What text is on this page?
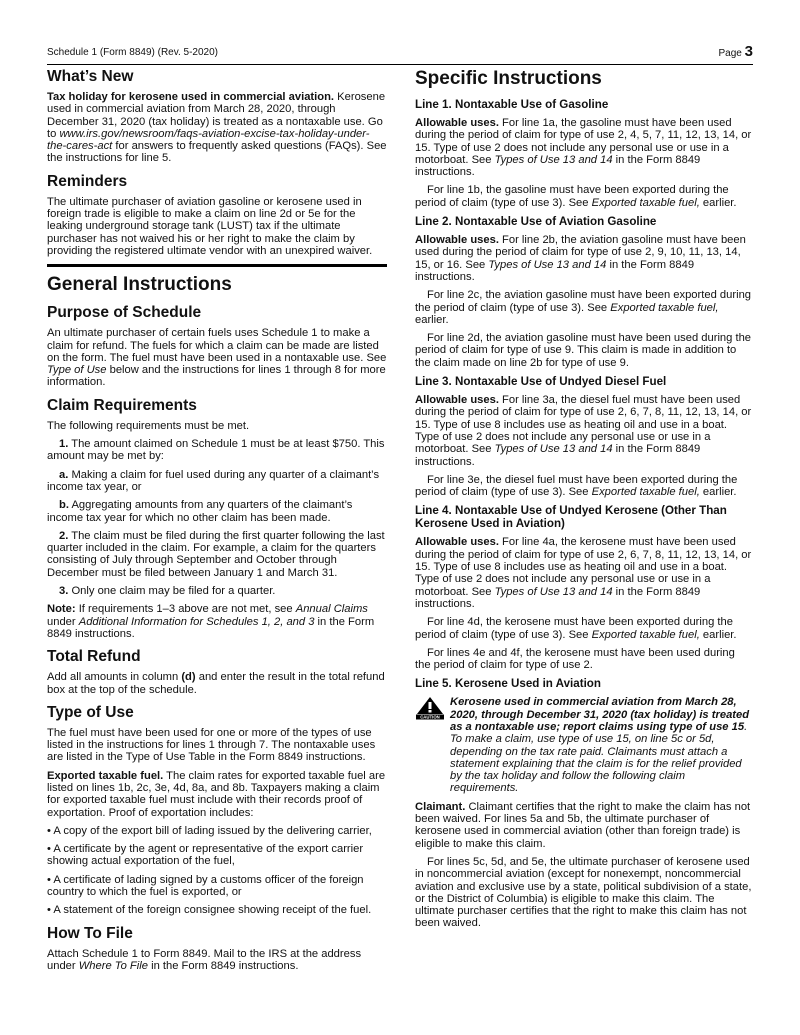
Schedule 1 (Form 8849) (Rev. 5-2020)	Page 3
What’s New

Tax holiday for kerosene used in commercial aviation. Kerosene used in commercial aviation from March 28, 2020, through December 31, 2020 (tax holiday) is treated as a nontaxable use. Go to www.irs.gov/newsroom/faqs-aviation-excise-tax-holiday-under-the-cares-act for answers to frequently asked questions (FAQs). See the instructions for line 5.

Reminders

The ultimate purchaser of aviation gasoline or kerosene used in foreign trade is eligible to make a claim on line 2d or 5e for the leaking underground storage tank (LUST) tax if the ultimate purchaser has not waived his or her right to make the claim by providing the registered ultimate vendor with an unexpired waiver.

General Instructions
Purpose of Schedule

An ultimate purchaser of certain fuels uses Schedule 1 to make a claim for refund. The fuels for which a claim can be made are listed on the form. The fuel must have been used in a nontaxable use. See Type of Use below and the instructions for lines 1 through 8 for more information.

Claim Requirements

The following requirements must be met.

1. The amount claimed on Schedule 1 must be at least $750. This amount may be met by:

a. Making a claim for fuel used during any quarter of a claimant’s income tax year, or

b. Aggregating amounts from any quarters of the claimant’s income tax year for which no other claim has been made.

2. The claim must be filed during the first quarter following the last quarter included in the claim. For example, a claim for the quarters consisting of July through September and October through December must be filed between January 1 and March 31.

3. Only one claim may be filed for a quarter.

Note: If requirements 1–3 above are not met, see Annual Claims under Additional Information for Schedules 1, 2, and 3 in the Form 8849 instructions.

Total Refund

Add all amounts in column (d) and enter the result in the total refund box at the top of the schedule.

Type of Use

The fuel must have been used for one or more of the types of use listed in the instructions for lines 1 through 7. The nontaxable uses are listed in the Type of Use Table in the Form 8849 instructions.

Exported taxable fuel. The claim rates for exported taxable fuel are listed on lines 1b, 2c, 3e, 4d, 8a, and 8b. Taxpayers making a claim for exported taxable fuel must include with their records proof of exportation. Proof of exportation includes:

• A copy of the export bill of lading issued by the delivering carrier,

• A certificate by the agent or representative of the export carrier showing actual exportation of the fuel,

• A certificate of lading signed by a customs officer of the foreign country to which the fuel is exported, or

• A statement of the foreign consignee showing receipt of the fuel.

How To File

Attach Schedule 1 to Form 8849. Mail to the IRS at the address under Where To File in the Form 8849 instructions.

Specific Instructions
Line 1. Nontaxable Use of Gasoline

Allowable uses. For line 1a, the gasoline must have been used during the period of claim for type of use 2, 4, 5, 7, 11, 12, 13, 14, or 15. Type of use 2 does not include any personal use or use in a motorboat. See Types of Use 13 and 14 in the Form 8849 instructions.

For line 1b, the gasoline must have been exported during the period of claim (type of use 3). See Exported taxable fuel, earlier.

Line 2. Nontaxable Use of Aviation Gasoline

Allowable uses. For line 2b, the aviation gasoline must have been used during the period of claim for type of use 2, 9, 10, 11, 13, 14, 15, or 16. See Types of Use 13 and 14 in the Form 8849 instructions.

For line 2c, the aviation gasoline must have been exported during the period of claim (type of use 3). See Exported taxable fuel, earlier.

For line 2d, the aviation gasoline must have been used during the period of claim for type of use 9. This claim is made in addition to the claim made on line 2b for type of use 9.

Line 3. Nontaxable Use of Undyed Diesel Fuel

Allowable uses. For line 3a, the diesel fuel must have been used during the period of claim for type of use 2, 6, 7, 8, 11, 12, 13, 14, or 15. Type of use 8 includes use as heating oil and use in a boat. Type of use 2 does not include any personal use or use in a motorboat. See Types of Use 13 and 14 in the Form 8849 instructions.

For line 3e, the diesel fuel must have been exported during the period of claim (type of use 3). See Exported taxable fuel, earlier.

Line 4. Nontaxable Use of Undyed Kerosene (Other Than Kerosene Used in Aviation)

Allowable uses. For line 4a, the kerosene must have been used during the period of claim for type of use 2, 6, 7, 8, 11, 12, 13, 14, or 15. Type of use 8 includes use as heating oil and use in a boat. Type of use 2 does not include any personal use or use in a motorboat. See Types of Use 13 and 14 in the Form 8849 instructions.

For line 4d, the kerosene must have been exported during the period of claim (type of use 3). See Exported taxable fuel, earlier.

For lines 4e and 4f, the kerosene must have been used during the period of claim for type of use 2.

Line 5. Kerosene Used in Aviation
CAUTION

Kerosene used in commercial aviation from March 28, 2020, through December 31, 2020 (tax holiday) is treated as a nontaxable use; report claims using type of use 15. To make a claim, use type of use 15, on line 5c or 5d, depending on the tax rate paid. Claimants must attach a statement explaining that the claim is for the relief provided by the tax holiday and follow the following claim requirements.

Claimant. Claimant certifies that the right to make the claim has not been waived. For lines 5a and 5b, the ultimate purchaser of kerosene used in commercial aviation (other than foreign trade) is eligible to make this claim.

For lines 5c, 5d, and 5e, the ultimate purchaser of kerosene used in noncommercial aviation (except for nonexempt, noncommercial aviation and exclusive use by a state, political subdivision of a state, or the District of Columbia) is eligible to make this claim. The ultimate purchaser certifies that the right to make this claim has not been waived.
